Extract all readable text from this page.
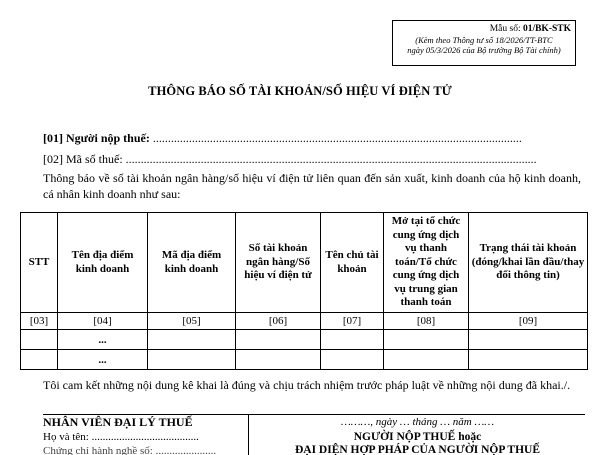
Mẫu số: 01/BK-STK
(Kèm theo Thông tư số 18/2026/TT-BTC
ngày 05/3/2026 của Bộ trưởng Bộ Tài chính)
THÔNG BÁO SỐ TÀI KHOẢN/SỐ HIỆU VÍ ĐIỆN TỬ
[01] Người nộp thuế: ...........................................................................................................................
[02] Mã số thuế: .........................................................................................................................................
Thông báo về số tài khoản ngân hàng/số hiệu ví điện tử liên quan đến sản xuất, kinh doanh của hộ kinh doanh, cá nhân kinh doanh như sau:
STT	Tên địa điểm kinh doanh	Mã địa điểm kinh doanh	Số tài khoản ngân hàng/Số hiệu ví điện tử	Tên chủ tài khoản	Mở tại tổ chức cung ứng dịch vụ thanh toán/Tổ chức cung ứng dịch vụ trung gian thanh toán	Trạng thái tài khoản (đóng/khai lần đầu/thay đổi thông tin)
[03]	[04]	[05]	[06]	[07]	[08]	[09]
	...					
	...					
Tôi cam kết những nội dung kê khai là đúng và chịu trách nhiệm trước pháp luật về những nội dung đã khai./.
NHÂN VIÊN ĐẠI LÝ THUẾ
Họ và tên: .......................................
Chứng chỉ hành nghề số: ......................
………, ngày … tháng … năm ……
NGƯỜI NỘP THUẾ hoặc
ĐẠI DIỆN HỢP PHÁP CỦA NGƯỜI NỘP THUẾ
